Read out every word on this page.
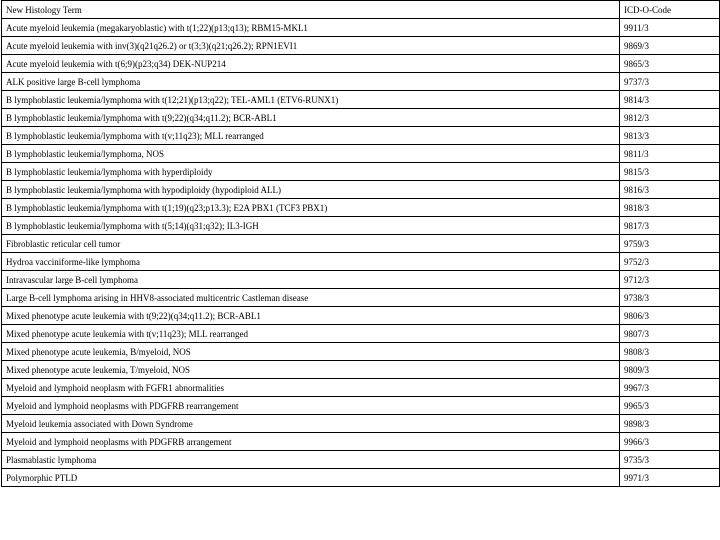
New Histology Term	ICD-O-Code
Acute myeloid leukemia (megakaryoblastic) with t(1;22)(p13;q13); RBM15-MKL1	9911/3
Acute myeloid leukemia with inv(3)(q21q26.2) or t(3;3)(q21;q26.2); RPN1EVI1	9869/3
Acute myeloid leukemia with t(6;9)(p23;q34) DEK-NUP214	9865/3
ALK positive large B-cell lymphoma	9737/3
B lymphoblastic leukemia/lymphoma with t(12;21)(p13;q22); TEL-AML1 (ETV6-RUNX1)	9814/3
B lymphoblastic leukemia/lymphoma with t(9;22)(q34;q11.2); BCR-ABL1	9812/3
B lymphoblastic leukemia/lymphoma with t(v;11q23); MLL rearranged	9813/3
B lymphoblastic leukemia/lymphoma, NOS	9811/3
B lymphoblastic leukemia/lymphoma with hyperdiploidy	9815/3
B lymphoblastic leukemia/lymphoma with hypodiploidy (hypodiploid ALL)	9816/3
B lymphoblastic leukemia/lymphoma with t(1;19)(q23;p13.3); E2A PBX1 (TCF3 PBX1)	9818/3
B lymphoblastic leukemia/lymphoma with t(5;14)(q31;q32); IL3-IGH	9817/3
Fibroblastic reticular cell tumor	9759/3
Hydroa vacciniforme-like lymphoma	9752/3
Intravascular large B-cell lymphoma	9712/3
Large B-cell lymphoma arising in HHV8-associated multicentric Castleman disease	9738/3
Mixed phenotype acute leukemia with t(9;22)(q34;q11.2); BCR-ABL1	9806/3
Mixed phenotype acute leukemia with t(v;11q23); MLL rearranged	9807/3
Mixed phenotype acute leukemia, B/myeloid, NOS	9808/3
Mixed phenotype acute leukemia, T/myeloid, NOS	9809/3
Myeloid and lymphoid neoplasm with FGFR1 abnormalities	9967/3
Myeloid and lymphoid neoplasms with PDGFRB rearrangement	9965/3
Myeloid leukemia associated with Down Syndrome	9898/3
Myeloid and lymphoid neoplasms with PDGFRB arrangement	9966/3
Plasmablastic lymphoma	9735/3
Polymorphic PTLD	9971/3
